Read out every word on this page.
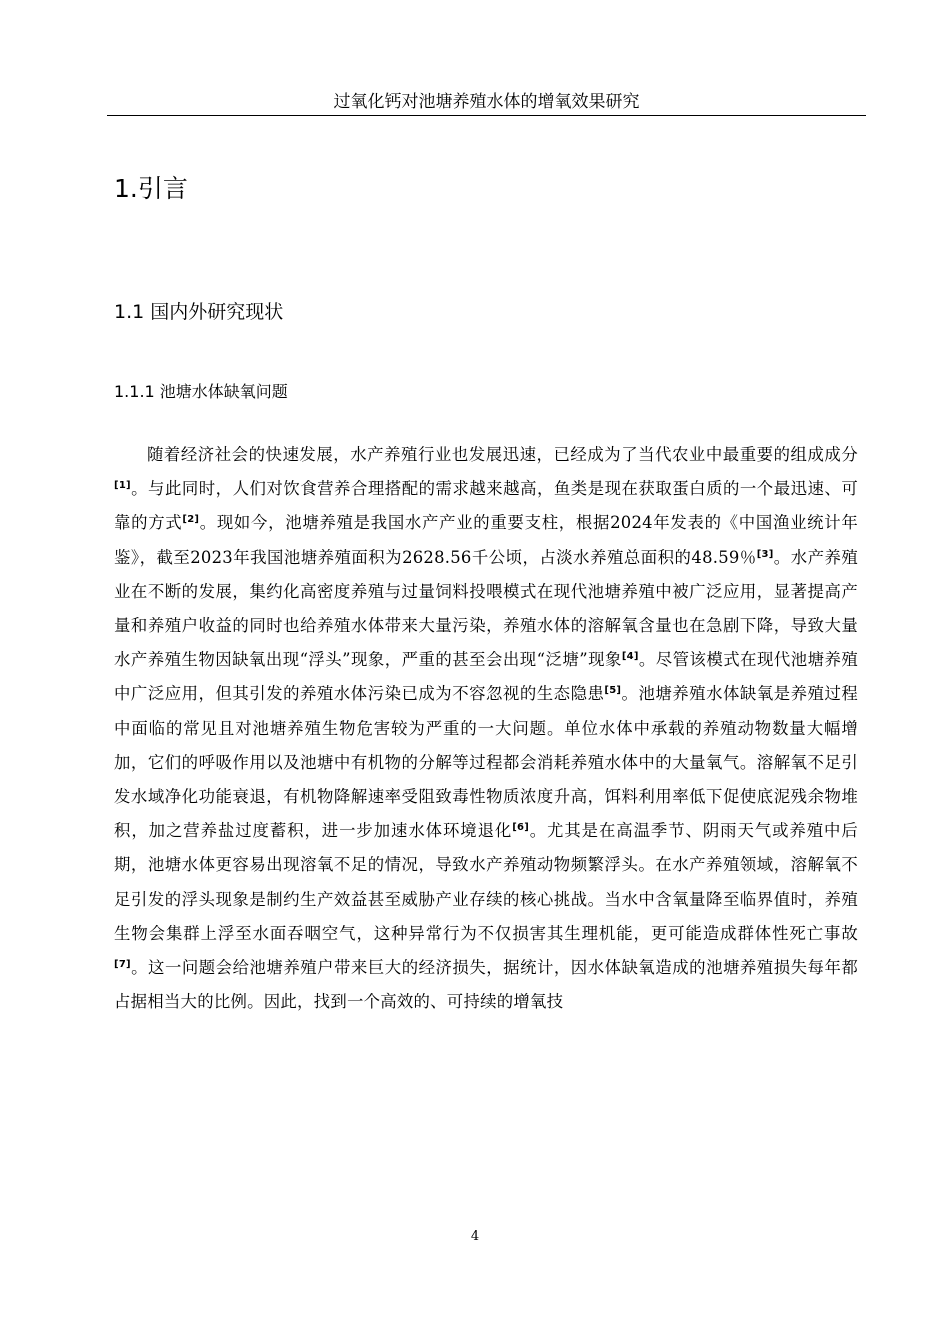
过氧化钙对池塘养殖水体的增氧效果研究
1.引言
1.1 国内外研究现状
1.1.1 池塘水体缺氧问题

随着经济社会的快速发展，水产养殖行业也发展迅速，已经成为了当代农业中最重要的组成成分[1]。与此同时，人们对饮食营养合理搭配的需求越来越高，鱼类是现在获取蛋白质的一个最迅速、可靠的方式[2]。现如今，池塘养殖是我国水产产业的重要支柱，根据2024年发表的《中国渔业统计年鉴》，截至2023年我国池塘养殖面积为2628.56千公顷，占淡水养殖总面积的48.59％[3]。水产养殖业在不断的发展，集约化高密度养殖与过量饲料投喂模式在现代池塘养殖中被广泛应用，显著提高产量和养殖户收益的同时也给养殖水体带来大量污染，养殖水体的溶解氧含量也在急剧下降，导致大量水产养殖生物因缺氧出现“浮头”现象，严重的甚至会出现“泛塘”现象[4]。尽管该模式在现代池塘养殖中广泛应用，但其引发的养殖水体污染已成为不容忽视的生态隐患[5]。池塘养殖水体缺氧是养殖过程中面临的常见且对池塘养殖生物危害较为严重的一大问题。单位水体中承载的养殖动物数量大幅增加，它们的呼吸作用以及池塘中有机物的分解等过程都会消耗养殖水体中的大量氧气。溶解氧不足引发水域净化功能衰退，有机物降解速率受阻致毒性物质浓度升高，饵料利用率低下促使底泥残余物堆积，加之营养盐过度蓄积，进一步加速水体环境退化[6]。尤其是在高温季节、阴雨天气或养殖中后期，池塘水体更容易出现溶氧不足的情况，导致水产养殖动物频繁浮头。在水产养殖领域，溶解氧不足引发的浮头现象是制约生产效益甚至威胁产业存续的核心挑战。当水中含氧量降至临界值时，养殖生物会集群上浮至水面吞咽空气，这种异常行为不仅损害其生理机能，更可能造成群体性死亡事故[7]。这一问题会给池塘养殖户带来巨大的经济损失，据统计，因水体缺氧造成的池塘养殖损失每年都占据相当大的比例。因此，找到一个高效的、可持续的增氧技

4
